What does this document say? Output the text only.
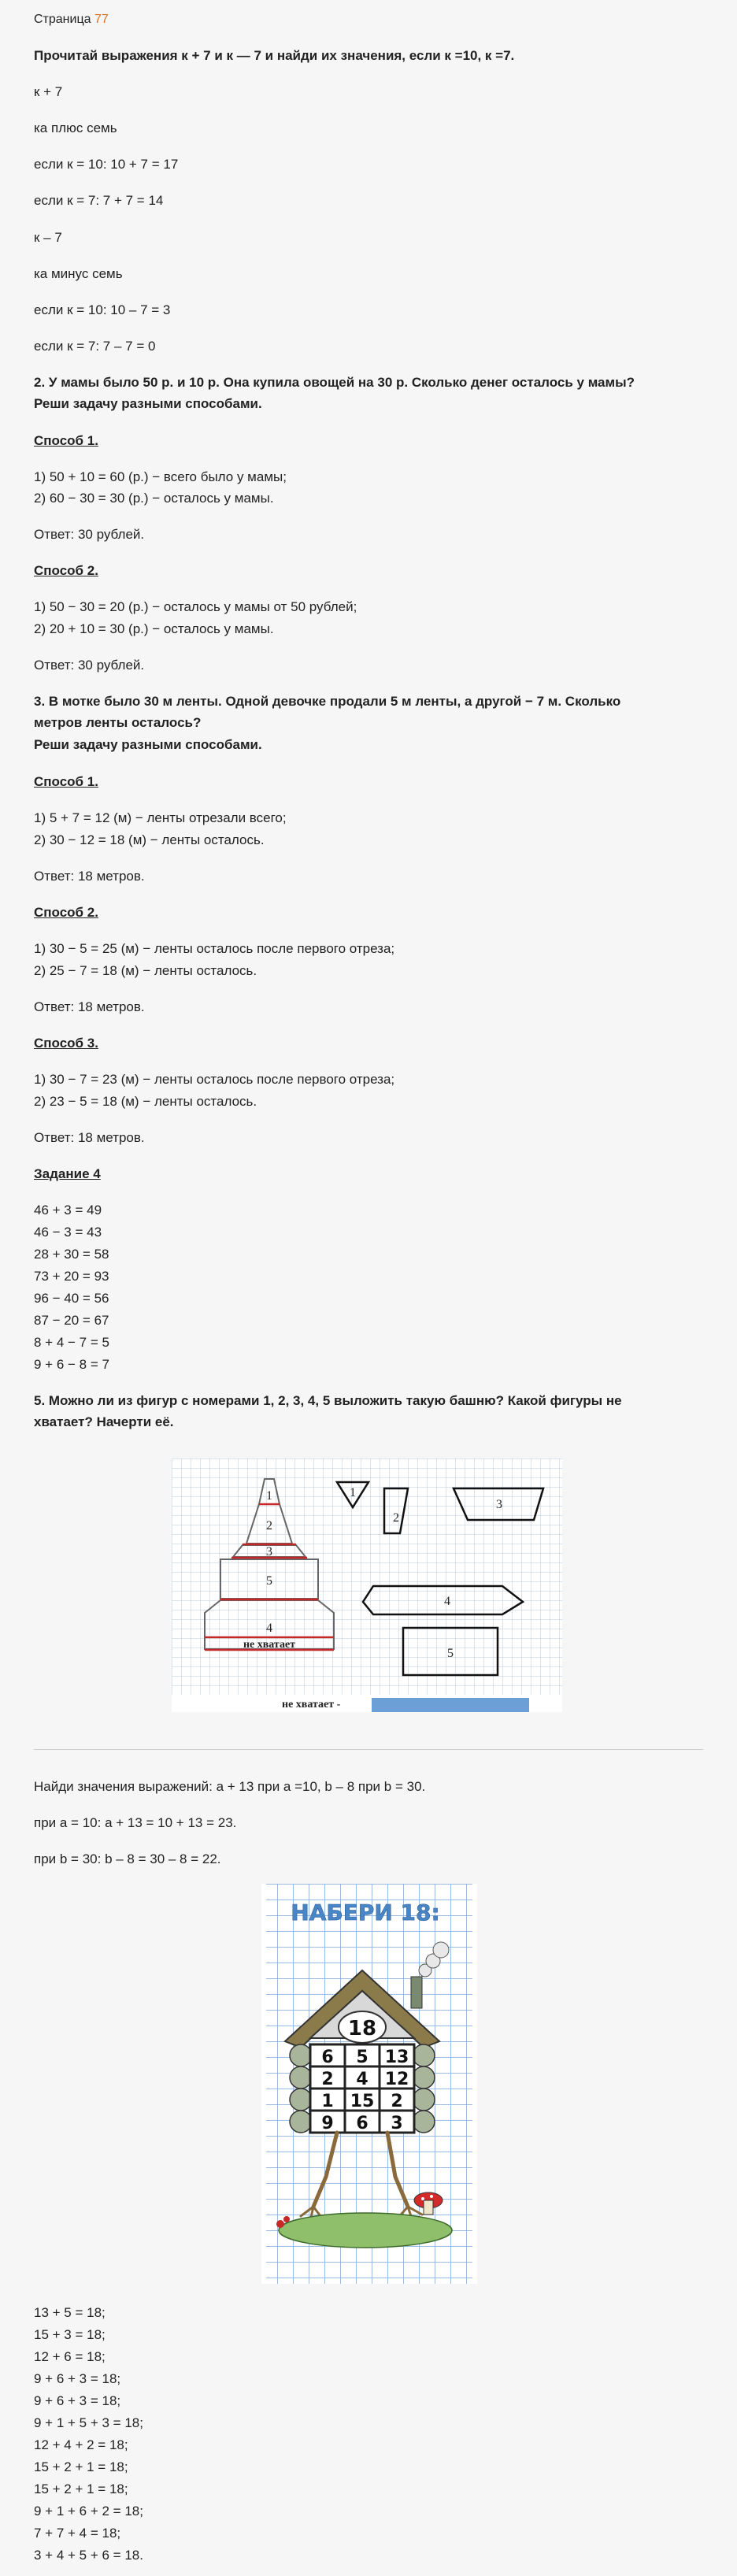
Страница 77
Прочитай выражения к + 7 и к — 7 и найди их значения, если к =10, к =7.
к + 7
ка плюс семь
если к = 10: 10 + 7 = 17
если к = 7: 7 + 7 = 14
к – 7
ка минус семь
если к = 10: 10 – 7 = 3
если к = 7: 7 – 7 = 0
2. У мамы было 50 р. и 10 р. Она купила овощей на 30 р. Сколько денег осталось у мамы?
Реши задачу разными способами.
Способ 1.
1) 50 + 10 = 60 (р.) − всего было у мамы;
2) 60 − 30 = 30 (р.) − осталось у мамы.
Ответ: 30 рублей.
Способ 2.
1) 50 − 30 = 20 (р.) − осталось у мамы от 50 рублей;
2) 20 + 10 = 30 (р.) − осталось у мамы.
Ответ: 30 рублей.
3. В мотке было 30 м ленты. Одной девочке продали 5 м ленты, а другой − 7 м. Сколько
метров ленты осталось?
Реши задачу разными способами.
Способ 1.
1) 5 + 7 = 12 (м) − ленты отрезали всего;
2) 30 − 12 = 18 (м) − ленты осталось.
Ответ: 18 метров.
Способ 2.
1) 30 − 5 = 25 (м) − ленты осталось после первого отреза;
2) 25 − 7 = 18 (м) − ленты осталось.
Ответ: 18 метров.
Способ 3.
1) 30 − 7 = 23 (м) − ленты осталось после первого отреза;
2) 23 − 5 = 18 (м) − ленты осталось.
Ответ: 18 метров.
Задание 4
46 + 3 = 49
46 − 3 = 43
28 + 30 = 58
73 + 20 = 93
96 − 40 = 56
87 − 20 = 67
8 + 4 − 7 = 5
9 + 6 − 8 = 7
5. Можно ли из фигур с номерами 1, 2, 3, 4, 5 выложить такую башню? Какой фигуры не
хватает? Начерти её.
1
2
3
5
4
не хватает
1
2
3
4
5
не хватает -
Найди значения выражений: a + 13 при a =10, b – 8 при b = 30.
при a = 10: a + 13 = 10 + 13 = 23.
при b = 30: b – 8 = 30 – 8 = 22.
НАБЕРИ 18:
18
6 5 13
2 4 12
1 15 2
9 6 3
13 + 5 = 18;
15 + 3 = 18;
12 + 6 = 18;
9 + 6 + 3 = 18;
9 + 6 + 3 = 18;
9 + 1 + 5 + 3 = 18;
12 + 4 + 2 = 18;
15 + 2 + 1 = 18;
15 + 2 + 1 = 18;
9 + 1 + 6 + 2 = 18;
7 + 7 + 4 = 18;
3 + 4 + 5 + 6 = 18.
